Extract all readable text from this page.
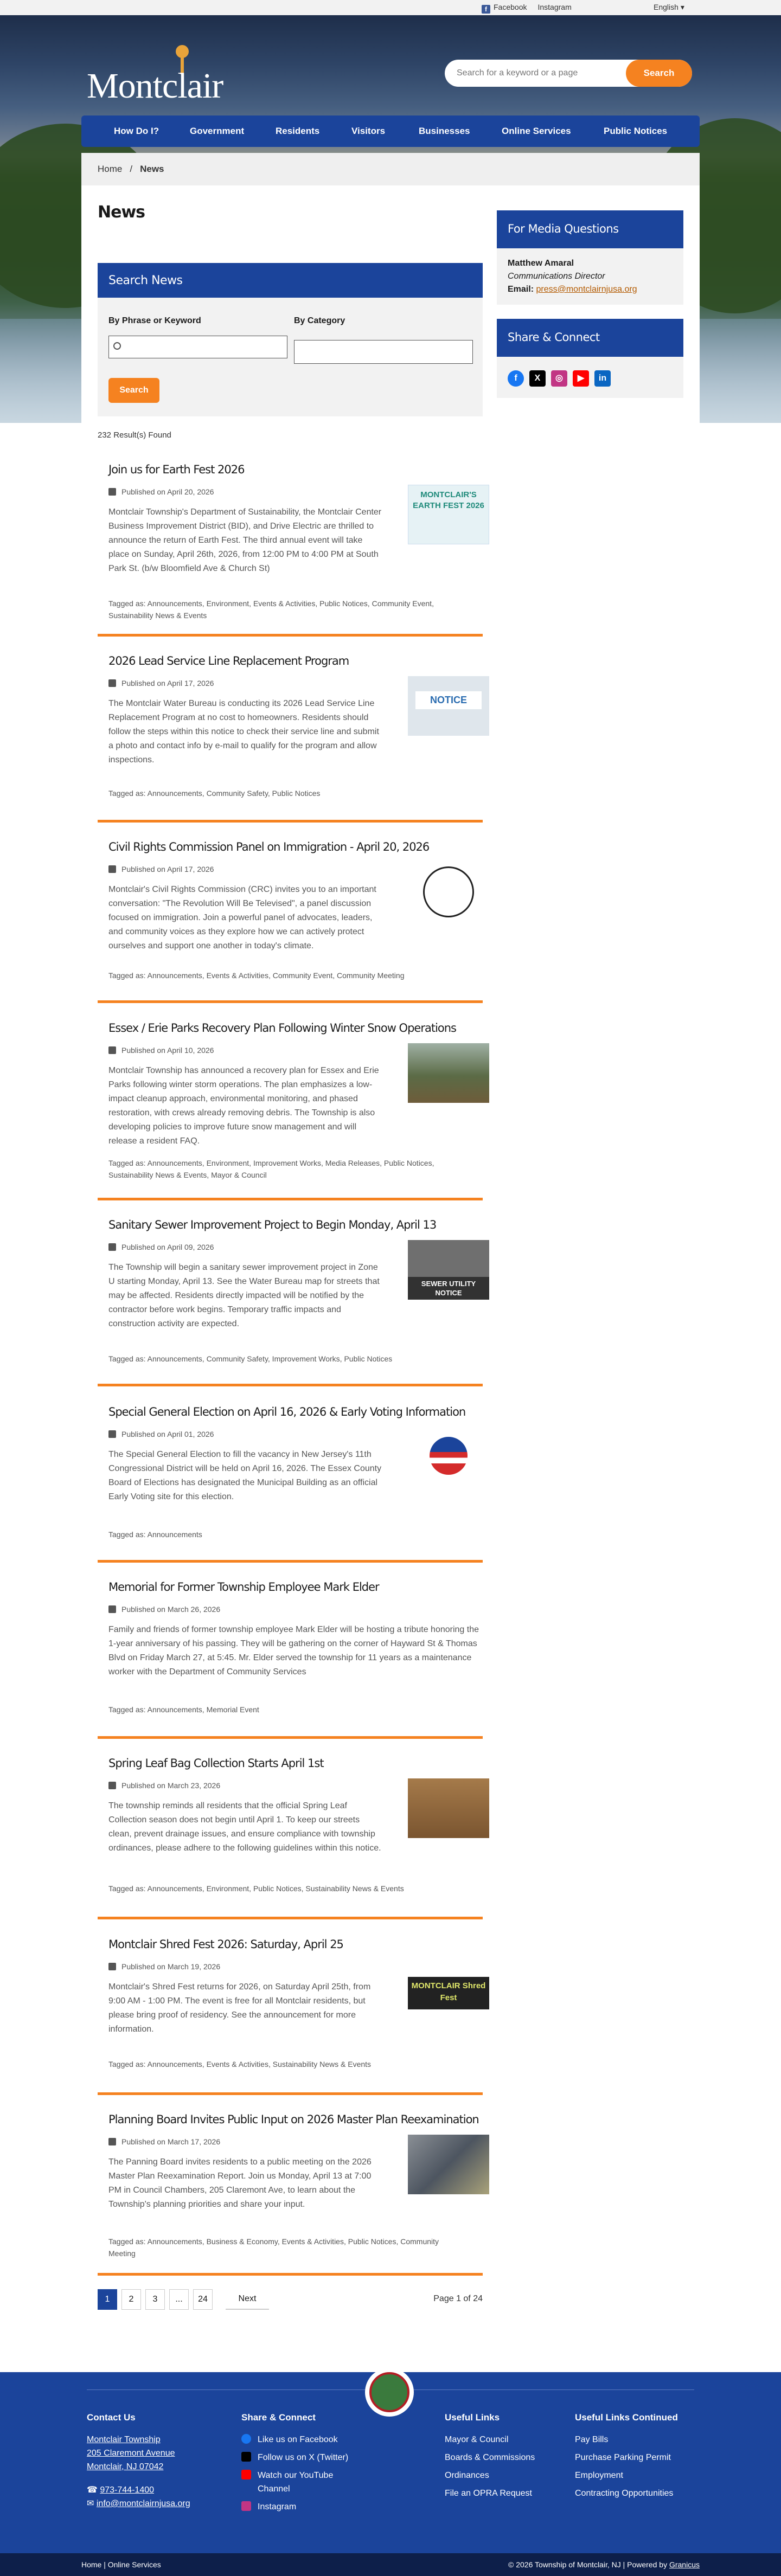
f Facebook Instagram	English ▾
Montclair
Search for a keyword or a page	Search
How Do I?	Government	Residents	Visitors	Businesses	Online Services	Public Notices
Home / News
News
Search News
By Phrase or Keyword	By Category
Search
For Media Questions
Matthew Amaral
Communications Director
Email: press@montclairnjusa.org
Share & Connect
f	X	◎	▶	in
232 Result(s) Found
Join us for Earth Fest 2026
Published on April 20, 2026
Montclair Township's Department of Sustainability, the Montclair Center Business Improvement District (BID), and Drive Electric are thrilled to announce the return of Earth Fest. The third annual event will take place on Sunday, April 26th, 2026, from 12:00 PM to 4:00 PM at South Park St. (b/w Bloomfield Ave & Church St)
MONTCLAIR'S EARTH FEST 2026
Tagged as: Announcements, Environment, Events & Activities, Public Notices, Community Event, Sustainability News & Events
2026 Lead Service Line Replacement Program
Published on April 17, 2026
The Montclair Water Bureau is conducting its 2026 Lead Service Line Replacement Program at no cost to homeowners. Residents should follow the steps within this notice to check their service line and submit a photo and contact info by e-mail to qualify for the program and allow inspections.
NOTICE
Tagged as: Announcements, Community Safety, Public Notices
Civil Rights Commission Panel on Immigration - April 20, 2026
Published on April 17, 2026
Montclair's Civil Rights Commission (CRC) invites you to an important conversation: "The Revolution Will Be Televised", a panel discussion focused on immigration. Join a powerful panel of advocates, leaders, and community voices as they explore how we can actively protect ourselves and support one another in today's climate.
Tagged as: Announcements, Events & Activities, Community Event, Community Meeting
Essex / Erie Parks Recovery Plan Following Winter Snow Operations
Published on April 10, 2026
Montclair Township has announced a recovery plan for Essex and Erie Parks following winter storm operations. The plan emphasizes a low-impact cleanup approach, environmental monitoring, and phased restoration, with crews already removing debris. The Township is also developing policies to improve future snow management and will release a resident FAQ.
Tagged as: Announcements, Environment, Improvement Works, Media Releases, Public Notices, Sustainability News & Events, Mayor & Council
Sanitary Sewer Improvement Project to Begin Monday, April 13
Published on April 09, 2026
The Township will begin a sanitary sewer improvement project in Zone U starting Monday, April 13. See the Water Bureau map for streets that may be affected. Residents directly impacted will be notified by the contractor before work begins. Temporary traffic impacts and construction activity are expected.
SEWER UTILITY NOTICE
Tagged as: Announcements, Community Safety, Improvement Works, Public Notices
Special General Election on April 16, 2026 & Early Voting Information
Published on April 01, 2026
The Special General Election to fill the vacancy in New Jersey's 11th Congressional District will be held on April 16, 2026. The Essex County Board of Elections has designated the Municipal Building as an official Early Voting site for this election.
Tagged as: Announcements
Memorial for Former Township Employee Mark Elder
Published on March 26, 2026
Family and friends of former township employee Mark Elder will be hosting a tribute honoring the 1-year anniversary of his passing. They will be gathering on the corner of Hayward St & Thomas Blvd on Friday March 27, at 5:45. Mr. Elder served the township for 11 years as a maintenance worker with the Department of Community Services
Tagged as: Announcements, Memorial Event
Spring Leaf Bag Collection Starts April 1st
Published on March 23, 2026
The township reminds all residents that the official Spring Leaf Collection season does not begin until April 1. To keep our streets clean, prevent drainage issues, and ensure compliance with township ordinances, please adhere to the following guidelines within this notice.
Tagged as: Announcements, Environment, Public Notices, Sustainability News & Events
Montclair Shred Fest 2026: Saturday, April 25
Published on March 19, 2026
Montclair's Shred Fest returns for 2026, on Saturday April 25th, from 9:00 AM - 1:00 PM. The event is free for all Montclair residents, but please bring proof of residency. See the announcement for more information.
MONTCLAIR Shred Fest
Tagged as: Announcements, Events & Activities, Sustainability News & Events
Planning Board Invites Public Input on 2026 Master Plan Reexamination
Published on March 17, 2026
The Panning Board invites residents to a public meeting on the 2026 Master Plan Reexamination Report. Join us Monday, April 13 at 7:00 PM in Council Chambers, 205 Claremont Ave, to learn about the Township's planning priorities and share your input.
Tagged as: Announcements, Business & Economy, Events & Activities, Public Notices, Community Meeting
1	2	3	...	24	Next	Page 1 of 24
Contact Us
Montclair Township
205 Claremont Avenue
Montclair, NJ 07042
☎ 973-744-1400
✉ info@montclairnjusa.org
Share & Connect
Like us on Facebook
Follow us on X (Twitter)
Watch our YouTube Channel
Instagram
Useful Links
Mayor & Council
Boards & Commissions
Ordinances
File an OPRA Request
Useful Links Continued
Pay Bills
Purchase Parking Permit
Employment
Contracting Opportunities
Home | Online Services	© 2026 Township of Montclair, NJ | Powered by Granicus
